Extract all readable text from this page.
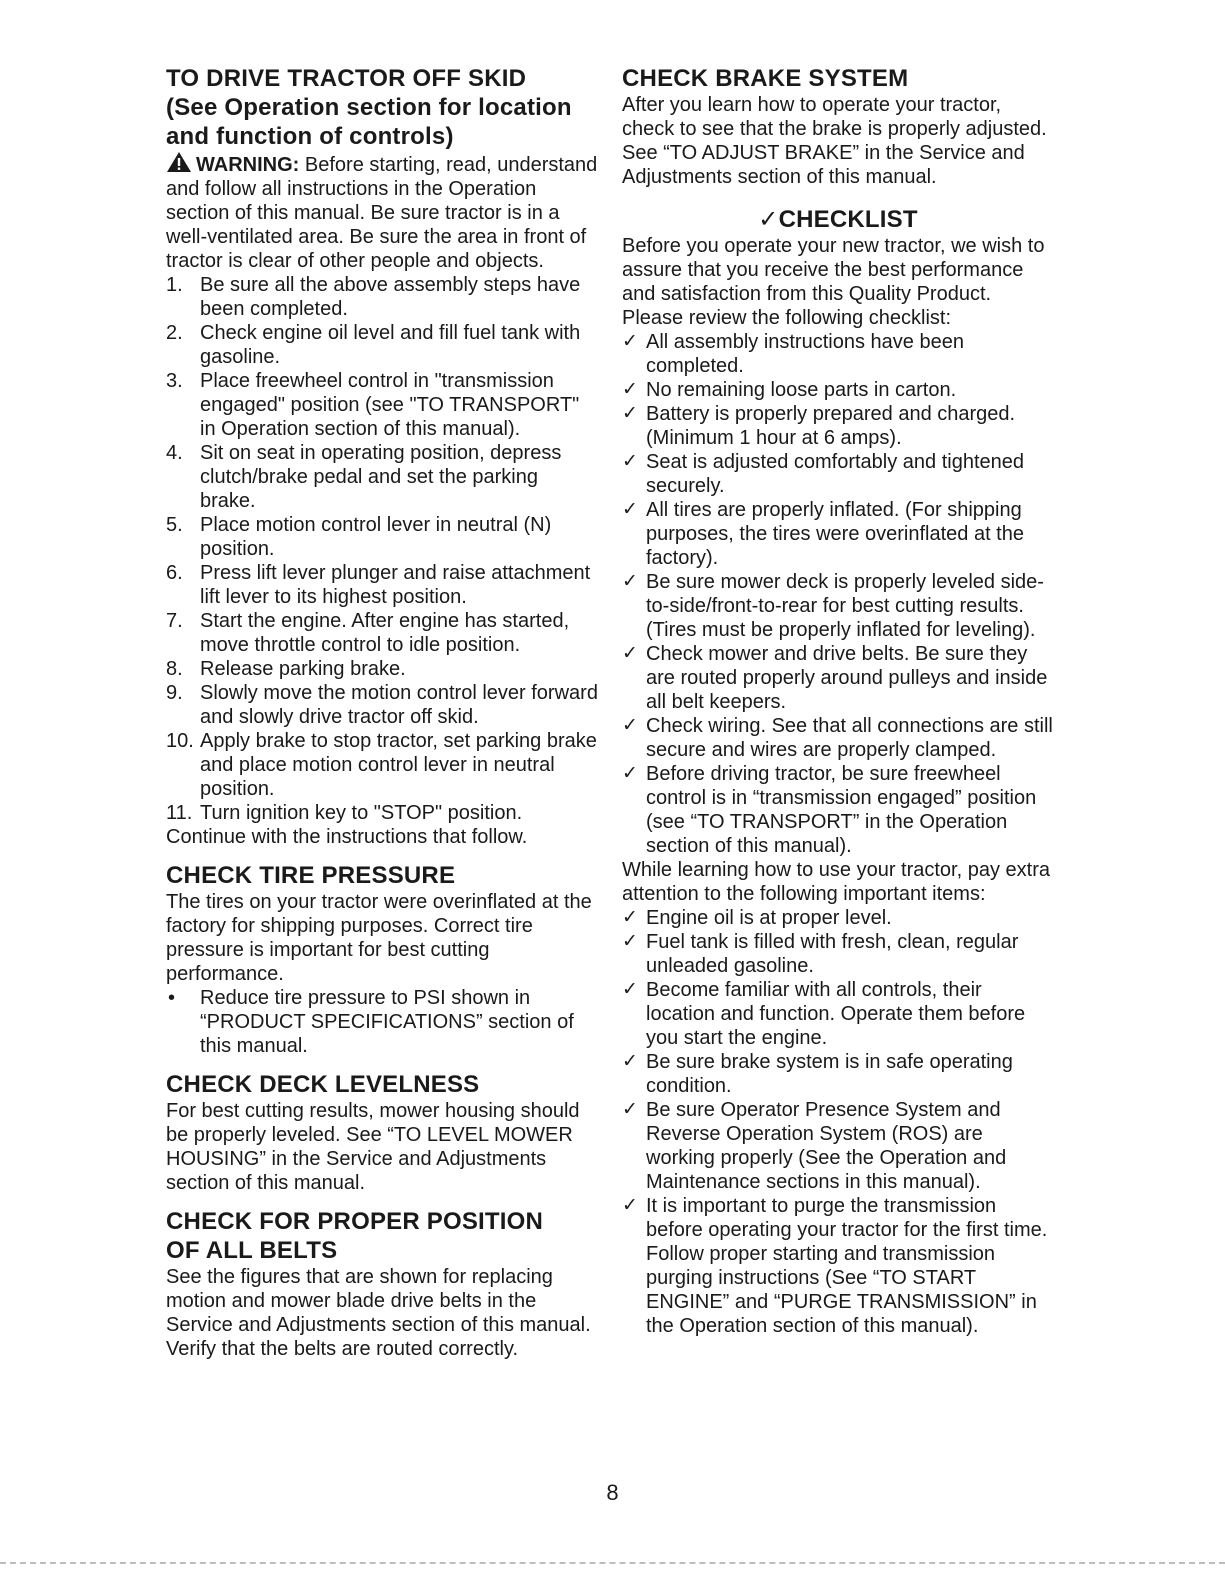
TO DRIVE TRACTOR OFF SKID
(See Operation section for location
and function of controls)

WARNING: Before starting, read, understand and follow all instructions in the Operation section of this manual. Be sure tractor is in a well-ventilated area. Be sure the area in front of tractor is clear of other people and objects.

1. Be sure all the above assembly steps have been completed.
2. Check engine oil level and fill fuel tank with gasoline.
3. Place freewheel control in "transmission engaged" position (see "TO TRANSPORT" in Operation section of this manual).
4. Sit on seat in operating position, depress clutch/brake pedal and set the parking brake.
5. Place motion control lever in neutral (N) position.
6. Press lift lever plunger and raise attachment lift lever to its highest position.
7. Start the engine. After engine has started, move throttle control to idle position.
8. Release parking brake.
9. Slowly move the motion control lever forward and slowly drive tractor off skid.
10. Apply brake to stop tractor, set parking brake and place motion control lever in neutral position.
11. Turn ignition key to "STOP" position.

Continue with the instructions that follow.

CHECK TIRE PRESSURE

The tires on your tractor were overinflated at the factory for shipping purposes. Correct tire pressure is important for best cutting performance.

• Reduce tire pressure to PSI shown in “PRODUCT SPECIFICATIONS” section of this manual.
CHECK DECK LEVELNESS

For best cutting results, mower housing should be properly leveled. See “TO LEVEL MOWER HOUSING” in the Service and Adjustments section of this manual.

CHECK FOR PROPER POSITION
OF ALL BELTS

See the figures that are shown for replacing motion and mower blade drive belts in the Service and Adjustments section of this manual. Verify that the belts are routed correctly.

CHECK BRAKE SYSTEM

After you learn how to operate your tractor, check to see that the brake is properly adjusted. See “TO ADJUST BRAKE” in the Service and Adjustments section of this manual.

✓CHECKLIST

Before you operate your new tractor, we wish to assure that you receive the best performance and satisfaction from this Quality Product.

Please review the following checklist:

✓ All assembly instructions have been completed.
✓ No remaining loose parts in carton.
✓ Battery is properly prepared and charged. (Minimum 1 hour at 6 amps).
✓ Seat is adjusted comfortably and tightened securely.
✓ All tires are properly inflated. (For shipping purposes, the tires were overinflated at the factory).
✓ Be sure mower deck is properly leveled side-to-side/front-to-rear for best cutting results. (Tires must be properly inflated for leveling).
✓ Check mower and drive belts. Be sure they are routed properly around pulleys and inside all belt keepers.
✓ Check wiring. See that all connections are still secure and wires are properly clamped.
✓ Before driving tractor, be sure freewheel control is in “transmission engaged” position (see “TO TRANSPORT” in the Operation section of this manual).

While learning how to use your tractor, pay extra attention to the following important items:

✓ Engine oil is at proper level.
✓ Fuel tank is filled with fresh, clean, regular unleaded gasoline.
✓ Become familiar with all controls, their location and function. Operate them before you start the engine.
✓ Be sure brake system is in safe operating condition.
✓ Be sure Operator Presence System and Reverse Operation System (ROS) are working properly (See the Operation and Maintenance sections in this manual).
✓ It is important to purge the transmission before operating your tractor for the first time. Follow proper starting and transmission purging instructions (See “TO START ENGINE” and “PURGE TRANSMISSION” in the Operation section of this manual).
8
